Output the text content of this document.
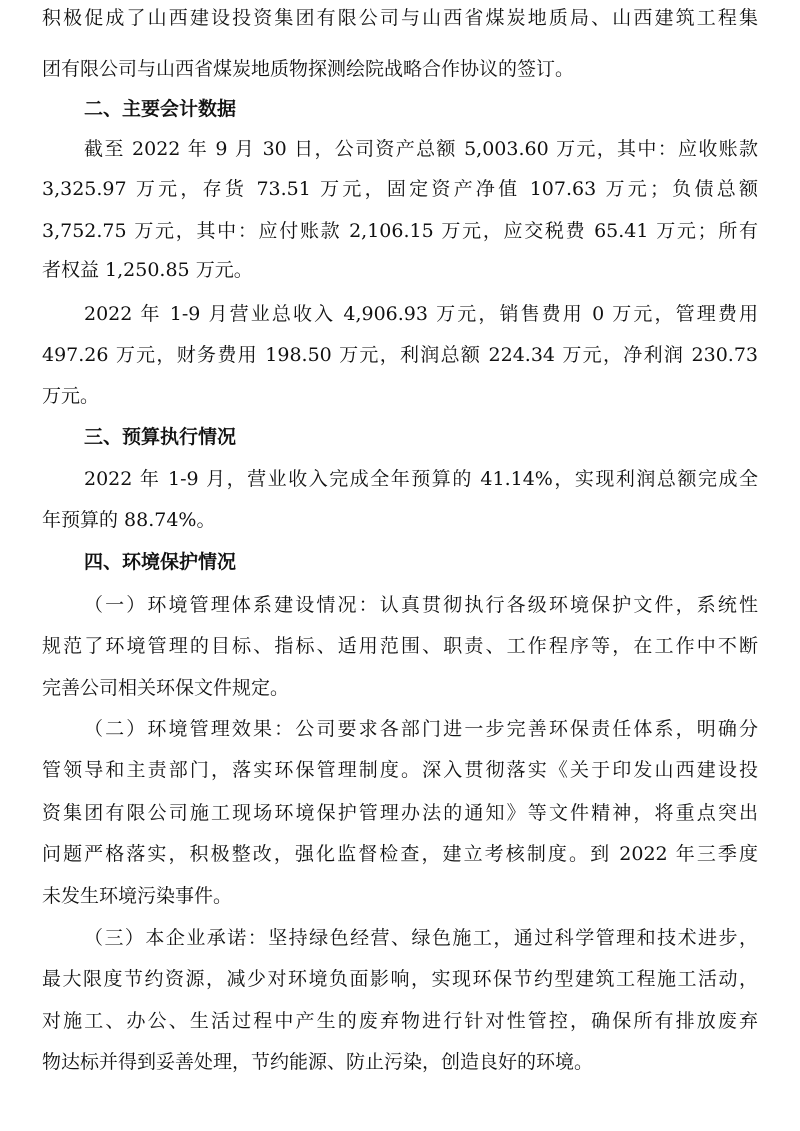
积极促成了山西建设投资集团有限公司与山西省煤炭地质局、山西建筑工程集
团有限公司与山西省煤炭地质物探测绘院战略合作协议的签订。
二、主要会计数据
截至 2022 年 9 月 30 日，公司资产总额 5,003.60 万元，其中：应收账款
3,325.97 万元，存货 73.51 万元，固定资产净值 107.63 万元；负债总额
3,752.75 万元，其中：应付账款 2,106.15 万元，应交税费 65.41 万元；所有
者权益 1,250.85 万元。
2022 年 1-9 月营业总收入 4,906.93 万元，销售费用 0 万元，管理费用
497.26 万元，财务费用 198.50 万元，利润总额 224.34 万元，净利润 230.73
万元。
三、预算执行情况
2022 年 1-9 月，营业收入完成全年预算的 41.14%，实现利润总额完成全
年预算的 88.74%。
四、环境保护情况
（一）环境管理体系建设情况：认真贯彻执行各级环境保护文件，系统性
规范了环境管理的目标、指标、适用范围、职责、工作程序等，在工作中不断
完善公司相关环保文件规定。
（二）环境管理效果：公司要求各部门进一步完善环保责任体系，明确分
管领导和主责部门，落实环保管理制度。深入贯彻落实《关于印发山西建设投
资集团有限公司施工现场环境保护管理办法的通知》等文件精神，将重点突出
问题严格落实，积极整改，强化监督检查，建立考核制度。到 2022 年三季度
未发生环境污染事件。
（三）本企业承诺：坚持绿色经营、绿色施工，通过科学管理和技术进步，
最大限度节约资源，减少对环境负面影响，实现环保节约型建筑工程施工活动，
对施工、办公、生活过程中产生的废弃物进行针对性管控，确保所有排放废弃
物达标并得到妥善处理，节约能源、防止污染，创造良好的环境。
